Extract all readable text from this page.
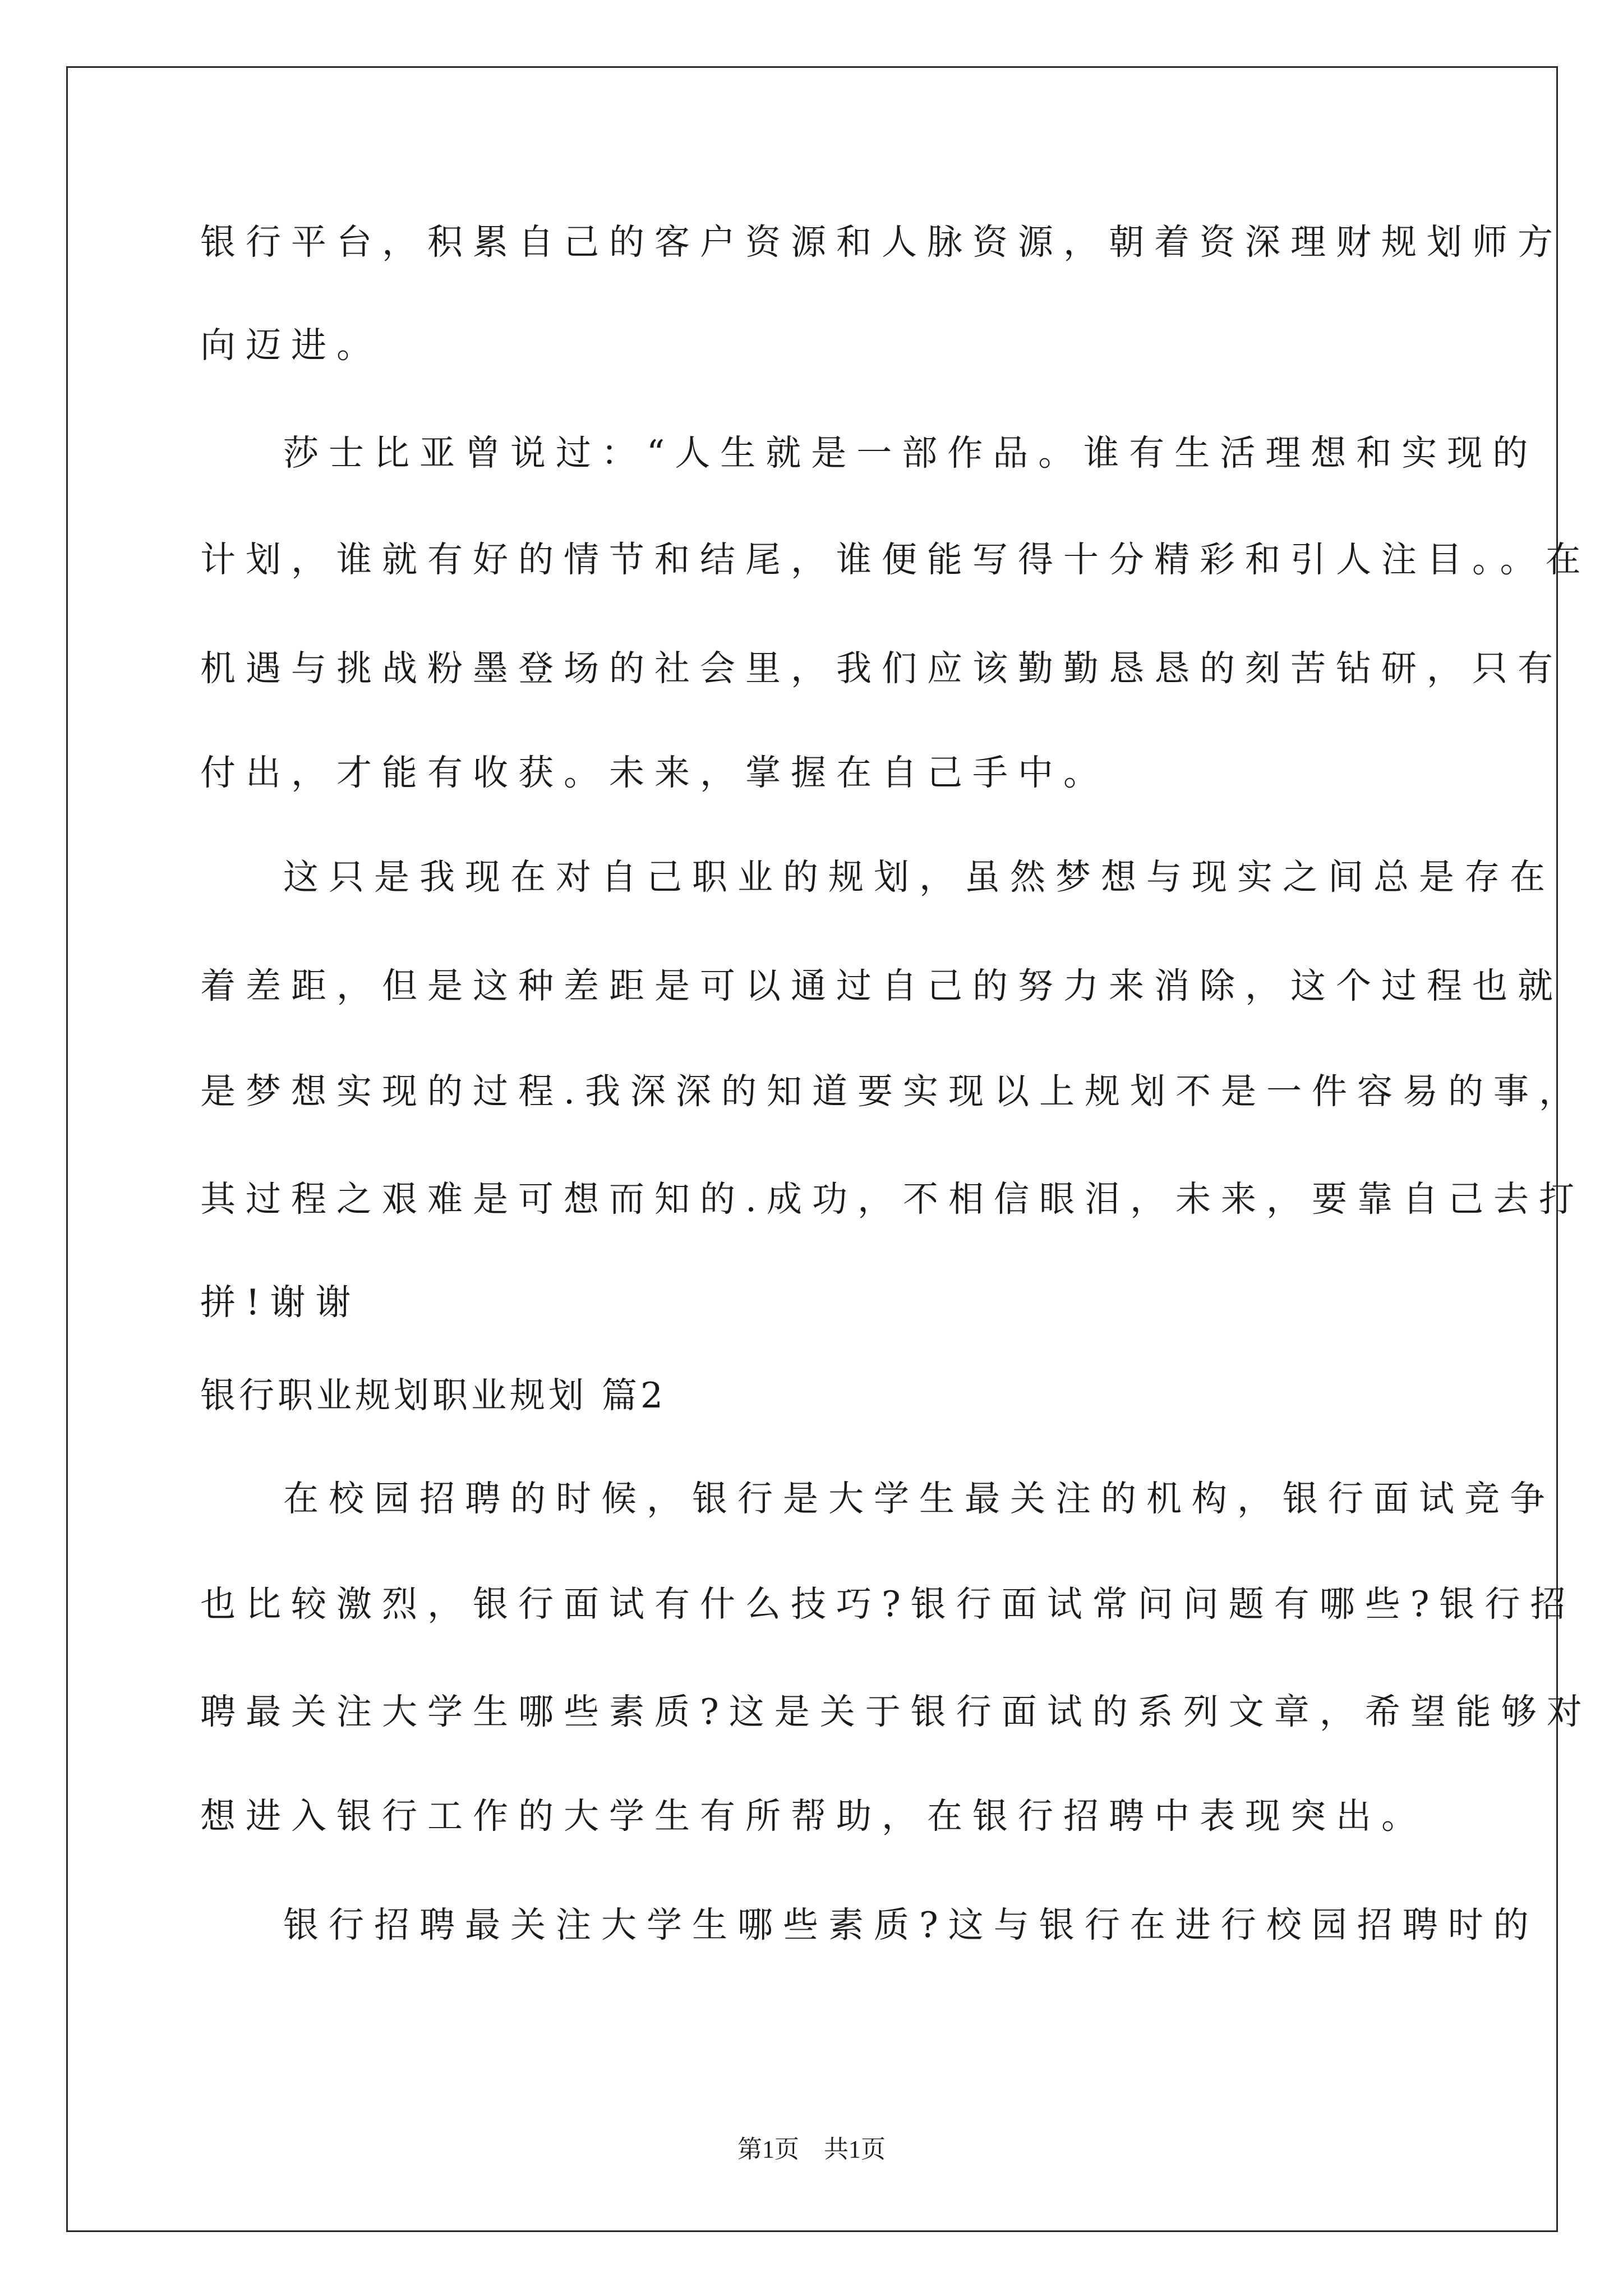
银行平台，积累自己的客户资源和人脉资源，朝着资深理财规划师方
向迈进。
莎士比亚曾说过：“人生就是一部作品。谁有生活理想和实现的
计划，谁就有好的情节和结尾，谁便能写得十分精彩和引人注目。。在
机遇与挑战粉墨登场的社会里，我们应该勤勤恳恳的刻苦钻研，只有
付出，才能有收获。未来，掌握在自己手中。
这只是我现在对自己职业的规划，虽然梦想与现实之间总是存在
着差距，但是这种差距是可以通过自己的努力来消除，这个过程也就
是梦想实现的过程.我深深的知道要实现以上规划不是一件容易的事，
其过程之艰难是可想而知的.成功，不相信眼泪，未来，要靠自己去打
拼!谢谢
银行职业规划职业规划 篇2
在校园招聘的时候，银行是大学生最关注的机构，银行面试竞争
也比较激烈，银行面试有什么技巧?银行面试常问问题有哪些?银行招
聘最关注大学生哪些素质?这是关于银行面试的系列文章，希望能够对
想进入银行工作的大学生有所帮助，在银行招聘中表现突出。
银行招聘最关注大学生哪些素质?这与银行在进行校园招聘时的
第1页　共1页
